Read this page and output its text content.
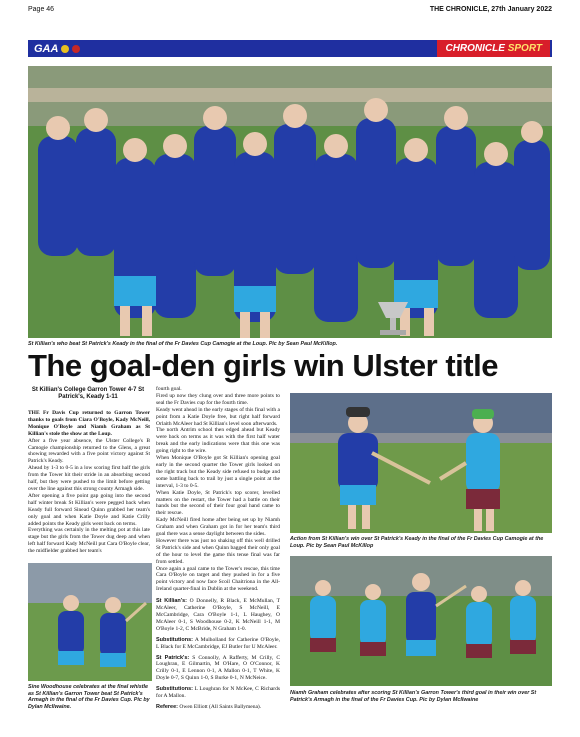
Page 46	THE CHRONICLE, 27th January 2022
GAA	CHRONICLE SPORT
St Killian's who beat St Patrick's Keady in the final of the Fr Davies Cup Camogie at the Loup. Pic by Sean Paul McKillop.
The goal-den girls win Ulster title
St Killian's College Garron Tower 4-7 St Patrick's, Keady 1-11

THE Fr Davis Cup returned to Garron Tower thanks to goals from Ciara O'Boyle, Kady McNeill, Monique O'Boyle and Niamh Graham as St Killian's stole the show at the Loup.

After a five year absence, the Ulster College's B Camogie championship returned to the Glens, a great showing rewarded with a five point victory against St Patrick's Keady.

Ahead by 1-3 to 0-5 in a low scoring first half the girls from the Tower hit their stride in an absorbing second half, but they were pushed to the limit before getting over the line against this strong county Armagh side.

After opening a five point gap going into the second half winter break St Killian's were pegged back when Keady full forward Sinead Quinn grabbed her team's only goal and when Katie Doyle and Katie Crilly added points the Keady girls went back on terms.

Everything was certainly in the melting pot at this late stage but the girls from the Tower dug deep and when left half forward Kady McNeill put Cara O'Boyle clear, the midfielder grabbed her team's

fourth goal.

Fired up now they clung over and three more points to seal the Fr Davies cup for the fourth time.

Keady went ahead in the early stages of this final with a point from a Katie Doyle free, but right half forward Orlaith McAleer had St Killian's level soon afterwards.

The north Antrim school then edged ahead but Keady were back on terms as it was with the first half water break and the early indications were that this one was going right to the wire.

When Monique O'Boyle got St Killian's opening goal early in the second quarter the Tower girls looked on the right track but the Keady side refused to budge and some battling back to trail by just a single point at the interval, 1-3 to 0-5.

When Katie Doyle, St Patrick's top scorer, levelled matters on the restart, the Tower had a battle on their hands but the second of their four goal hand came to their rescue.

Kady McNeill fired home after being set up by Niamh Graham and when Graham got in for her team's third goal there was a sense daylight between the sides.

However there was just no shaking off this well drilled St Patrick's side and when Quinn bagged their only goal of the hour to level the game this tense final was far from settled.

Once again a goal came to the Tower's rescue, this time Cara O'Boyle on target and they pushed in for a five point victory and now face Scoil Chaitriona in the All-Ireland quarter-final in Dublin at the weekend.

St Killian's: O Donnelly, R Black, E McMullan, T McAleer, Catherine O'Boyle, S McNeill, E McCambridge, Cara O'Boyle 1-1, L Haughey, O McAleer 0-1, S Woodhouse 0-2, K McNeill 1-1, M O'Boyle 1-2, C McBride, N Graham 1-0.

Substitutions: A Mulholland for Catherine O'Boyle, L Black for E McCambridge, EJ Butler for U McAleer.

St Patrick's: S Connolly, A Rafferty, M Crilly, C Loughran, E Gilmartin, M O'Hare, O O'Connor, K Crilly 0-1, E Lennon 0-1, A Mallon 0-1, T White, K Doyle 0-7, S Quinn 1-0, S Burke 0-1, N McNeice.

Substitutions: L Loughran for N McKee, C Richards for A Mallon.

Referee: Owen Elliott (All Saints Ballymena).

Action from St Killian's win over St Patrick's Keady in the final of the Fr Davies Cup Camogie at the Loup. Pic by Sean Paul McKillop
Sine Woodhouse celebrates at the final whistle as St Killian's Garron Tower beat St Patrick's Armagh in the final of the Fr Davies Cup. Pic by Dylan McIlwaine.
Niamh Graham celebrates after scoring St Killian's Garron Tower's third goal in their win over St Patrick's Armagh in the final of the Fr Davies Cup. Pic by Dylan McIlwaine
